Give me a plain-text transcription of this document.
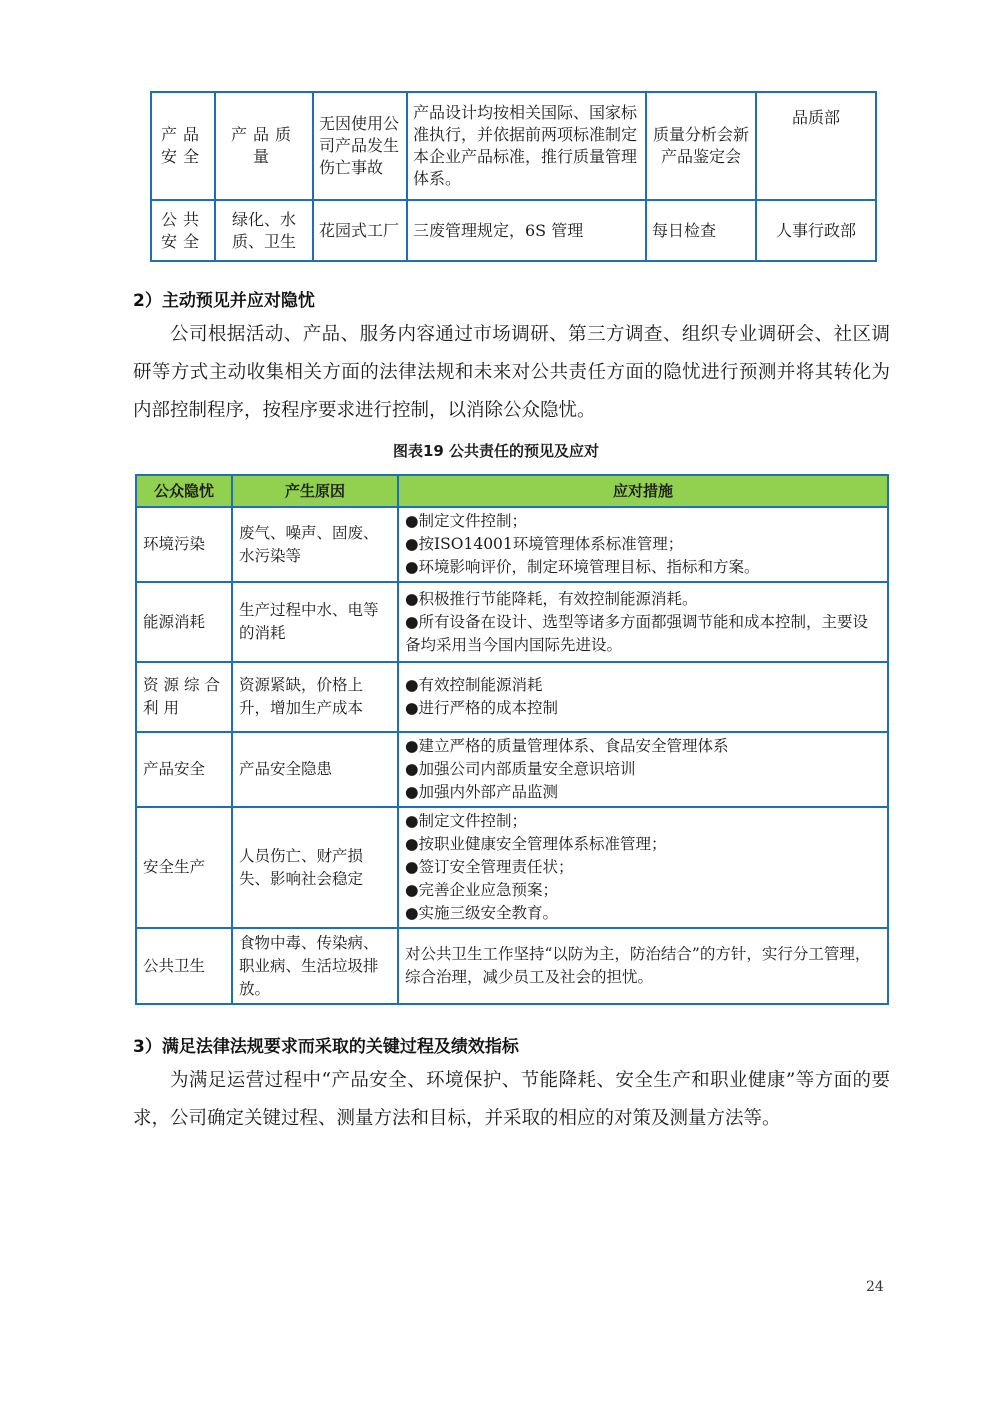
产品安全	产品质量	无因使用公司产品发生伤亡事故	产品设计均按相关国际、国家标准执行，并依据前两项标准制定本企业产品标准，推行质量管理体系。	质量分析会新产品鉴定会	品质部
公共安全	绿化、水质、卫生	花园式工厂	三废管理规定，6S 管理	每日检查	人事行政部
2）主动预见并应对隐忧

公司根据活动、产品、服务内容通过市场调研、第三方调查、组织专业调研会、社区调研等方式主动收集相关方面的法律法规和未来对公共责任方面的隐忧进行预测并将其转化为内部控制程序，按程序要求进行控制，以消除公众隐忧。

图表19 公共责任的预见及应对
公众隐忧	产生原因	应对措施
环境污染	废气、噪声、固废、水污染等	●制定文件控制；
●按ISO14001环境管理体系标准管理；
●环境影响评价，制定环境管理目标、指标和方案。

能源消耗	生产过程中水、电等的消耗	●积极推行节能降耗，有效控制能源消耗。
●所有设备在设计、选型等诸多方面都强调节能和成本控制，主要设备均采用当今国内国际先进设。

资源综合利用	资源紧缺，价格上升，增加生产成本	●有效控制能源消耗
●进行严格的成本控制

产品安全	产品安全隐患	●建立严格的质量管理体系、食品安全管理体系
●加强公司内部质量安全意识培训
●加强内外部产品监测

安全生产	人员伤亡、财产损失、影响社会稳定	●制定文件控制；
●按职业健康安全管理体系标准管理；
●签订安全管理责任状；
●完善企业应急预案；
●实施三级安全教育。

公共卫生	食物中毒、传染病、职业病、生活垃圾排放。	对公共卫生工作坚持“以防为主，防治结合”的方针，实行分工管理，综合治理，减少员工及社会的担忧。
3）满足法律法规要求而采取的关键过程及绩效指标

为满足运营过程中“产品安全、环境保护、节能降耗、安全生产和职业健康”等方面的要求，公司确定关键过程、测量方法和目标，并采取的相应的对策及测量方法等。

24
